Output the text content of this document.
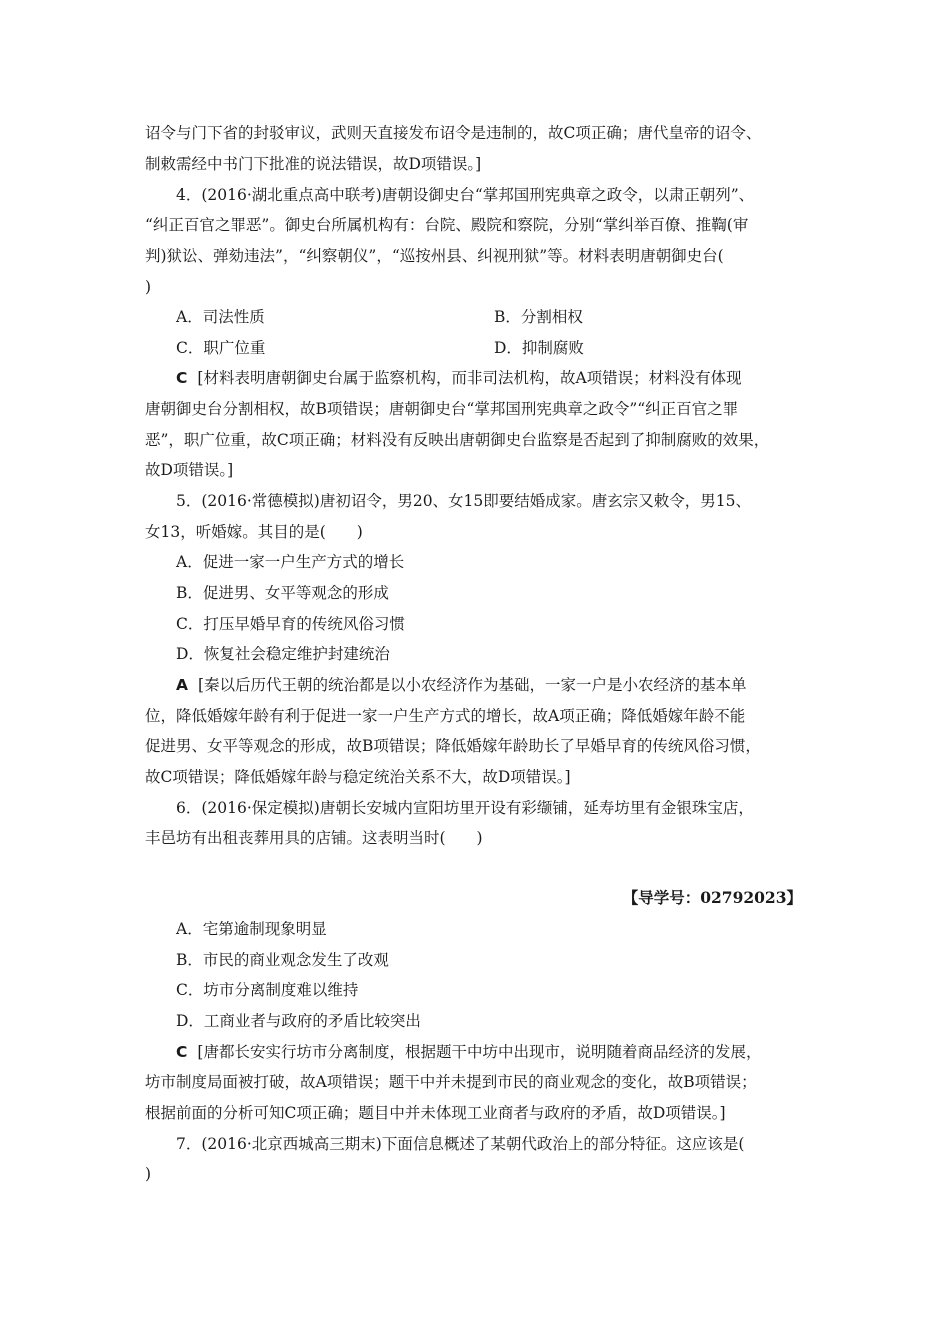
诏令与门下省的封驳审议，武则天直接发布诏令是违制的，故C项正确；唐代皇帝的诏令、
制敕需经中书门下批准的说法错误，故D项错误。]
4．(2016·湖北重点高中联考)唐朝设御史台“掌邦国刑宪典章之政令，以肃正朝列”、
“纠正百官之罪恶”。御史台所属机构有：台院、殿院和察院，分别“掌纠举百僚、推鞫(审
判)狱讼、弹劾违法”，“纠察朝仪”，“巡按州县、纠视刑狱”等。材料表明唐朝御史台(
)
A．司法性质	B．分割相权
C．职广位重	D．抑制腐败
C [材料表明唐朝御史台属于监察机构，而非司法机构，故A项错误；材料没有体现
唐朝御史台分割相权，故B项错误；唐朝御史台“掌邦国刑宪典章之政令”“纠正百官之罪
恶”，职广位重，故C项正确；材料没有反映出唐朝御史台监察是否起到了抑制腐败的效果，
故D项错误。]
5．(2016·常德模拟)唐初诏令，男20、女15即要结婚成家。唐玄宗又敕令，男15、
女13，听婚嫁。其目的是(　　)
A．促进一家一户生产方式的增长
B．促进男、女平等观念的形成
C．打压早婚早育的传统风俗习惯
D．恢复社会稳定维护封建统治
A [秦以后历代王朝的统治都是以小农经济作为基础，一家一户是小农经济的基本单
位，降低婚嫁年龄有利于促进一家一户生产方式的增长，故A项正确；降低婚嫁年龄不能
促进男、女平等观念的形成，故B项错误；降低婚嫁年龄助长了早婚早育的传统风俗习惯，
故C项错误；降低婚嫁年龄与稳定统治关系不大，故D项错误。]
6．(2016·保定模拟)唐朝长安城内宣阳坊里开设有彩缬铺，延寿坊里有金银珠宝店，
丰邑坊有出租丧葬用具的店铺。这表明当时(　　)
【导学号：02792023】
A．宅第逾制现象明显
B．市民的商业观念发生了改观
C．坊市分离制度难以维持
D．工商业者与政府的矛盾比较突出
C [唐都长安实行坊市分离制度，根据题干中坊中出现市，说明随着商品经济的发展，
坊市制度局面被打破，故A项错误；题干中并未提到市民的商业观念的变化，故B项错误；
根据前面的分析可知C项正确；题目中并未体现工业商者与政府的矛盾，故D项错误。]
7．(2016·北京西城高三期末)下面信息概述了某朝代政治上的部分特征。这应该是(
)
